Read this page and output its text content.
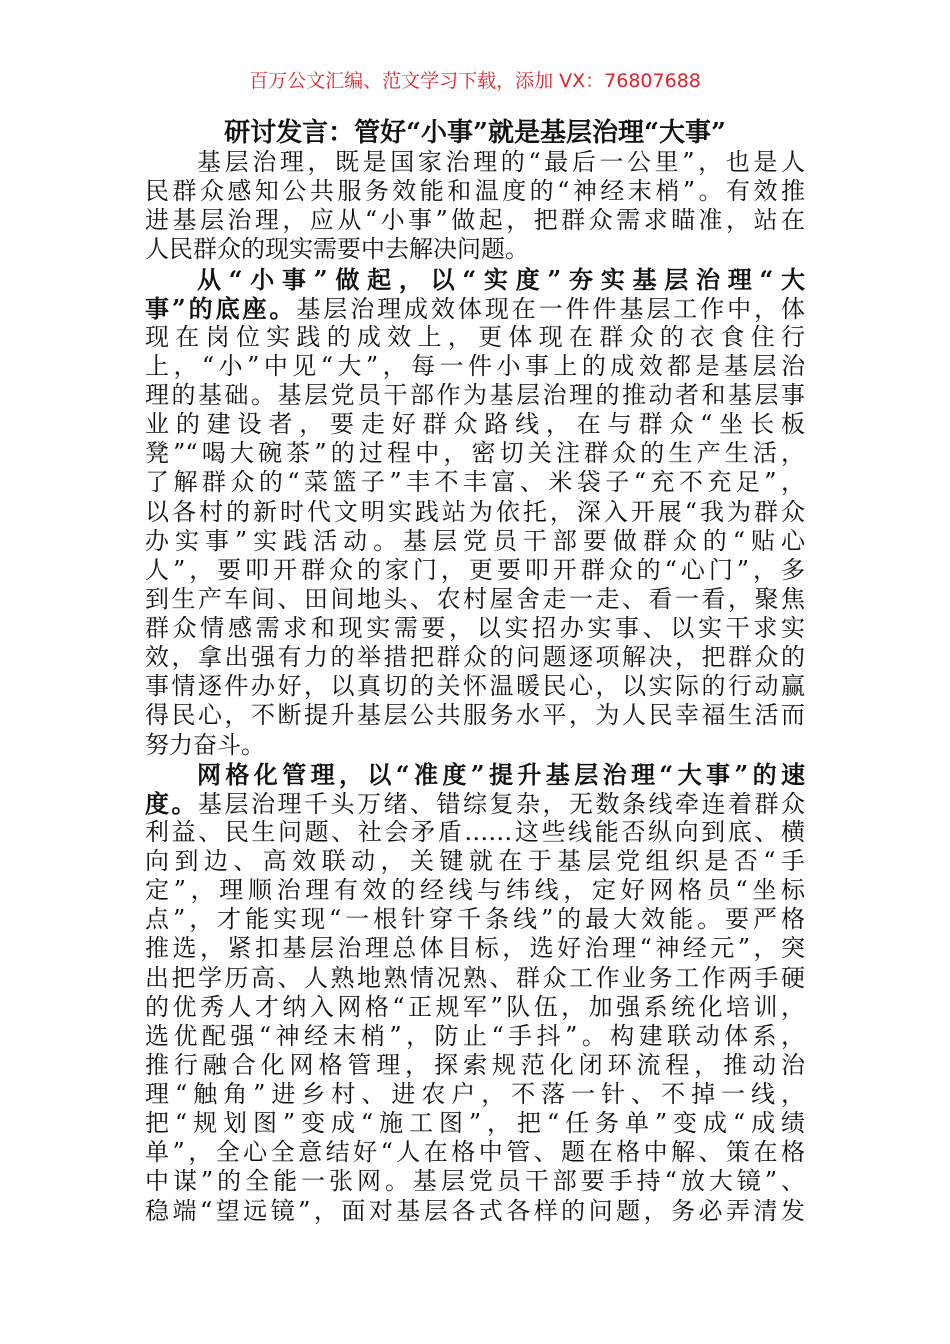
百万公文汇编、范文学习下载，添加 VX：76807688
研讨发言：管好“小事”就是基层治理“大事”
基层治理，既是国家治理的“最后一公里”，也是人
民群众感知公共服务效能和温度的“神经末梢”。有效推
进基层治理，应从“小事”做起，把群众需求瞄准，站在
人民群众的现实需要中去解决问题。
从“小事”做起，以“实度”夯实基层治理“大
事”的底座。基层治理成效体现在一件件基层工作中，体
现在岗位实践的成效上，更体现在群众的衣食住行
上，“小”中见“大”，每一件小事上的成效都是基层治
理的基础。基层党员干部作为基层治理的推动者和基层事
业的建设者，要走好群众路线，在与群众“坐长板
凳”“喝大碗茶”的过程中，密切关注群众的生产生活，
了解群众的“菜篮子”丰不丰富、米袋子“充不充足”，
以各村的新时代文明实践站为依托，深入开展“我为群众
办实事”实践活动。基层党员干部要做群众的“贴心
人”，要叩开群众的家门，更要叩开群众的“心门”，多
到生产车间、田间地头、农村屋舍走一走、看一看，聚焦
群众情感需求和现实需要，以实招办实事、以实干求实
效，拿出强有力的举措把群众的问题逐项解决，把群众的
事情逐件办好，以真切的关怀温暖民心，以实际的行动赢
得民心，不断提升基层公共服务水平，为人民幸福生活而
努力奋斗。
网格化管理，以“准度”提升基层治理“大事”的速
度。基层治理千头万绪、错综复杂，无数条线牵连着群众
利益、民生问题、社会矛盾……这些线能否纵向到底、横
向到边、高效联动，关键就在于基层党组织是否“手
定”，理顺治理有效的经线与纬线，定好网格员“坐标
点”，才能实现“一根针穿千条线”的最大效能。要严格
推选，紧扣基层治理总体目标，选好治理“神经元”，突
出把学历高、人熟地熟情况熟、群众工作业务工作两手硬
的优秀人才纳入网格“正规军”队伍，加强系统化培训，
选优配强“神经末梢”，防止“手抖”。构建联动体系，
推行融合化网格管理，探索规范化闭环流程，推动治
理“触角”进乡村、进农户，不落一针、不掉一线，
把“规划图”变成“施工图”，把“任务单”变成“成绩
单”，全心全意结好“人在格中管、题在格中解、策在格
中谋”的全能一张网。基层党员干部要手持“放大镜”、
稳端“望远镜”，面对基层各式各样的问题，务必弄清发
